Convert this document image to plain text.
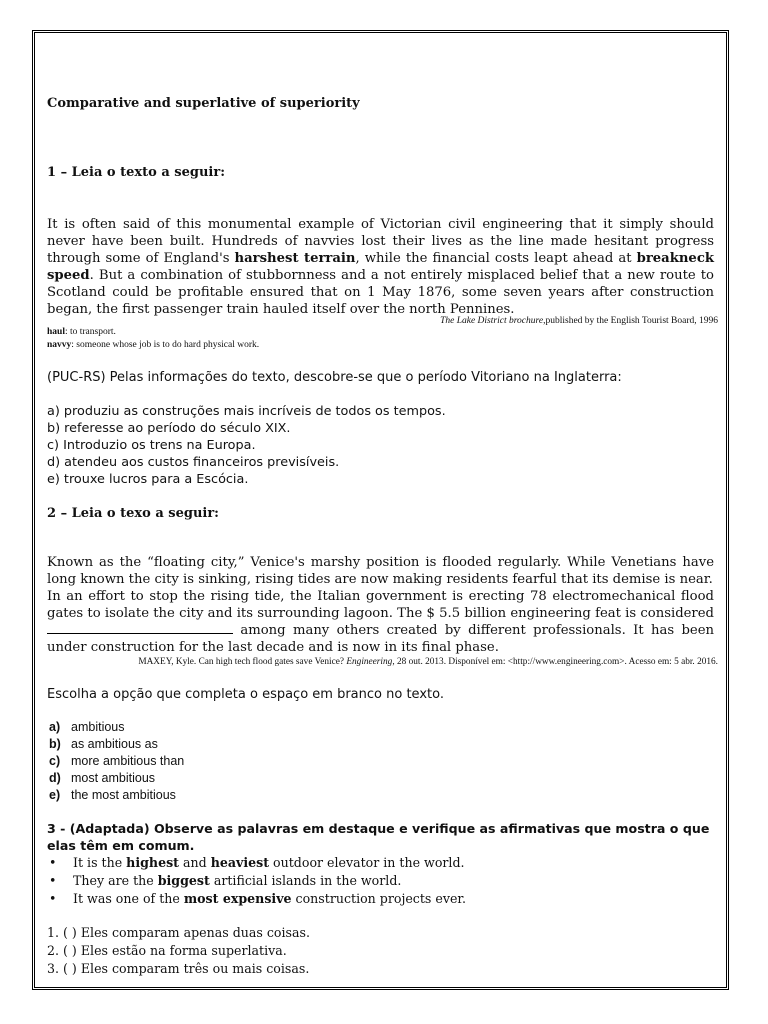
Comparative and superlative of superiority
1 – Leia o texto a seguir:
It is often said of this monumental example of Victorian civil engineering that it simply should never have been built. Hundreds of navvies lost their lives as the line made hesitant progress through some of England's harshest terrain, while the financial costs leapt ahead at breakneck speed. But a combination of stubbornness and a not entirely misplaced belief that a new route to Scotland could be profitable ensured that on 1 May 1876, some seven years after construction began, the first passenger train hauled itself over the north Pennines.
The Lake District brochure,published by the English Tourist Board, 1996
haul: to transport.
navvy: someone whose job is to do hard physical work.
(PUC-RS) Pelas informações do texto, descobre-se que o período Vitoriano na Inglaterra:
a) produziu as construções mais incríveis de todos os tempos.
b) referesse ao período do século XIX.
c) Introduzio os trens na Europa.
d) atendeu aos custos financeiros previsíveis.
e) trouxe lucros para a Escócia.
2 – Leia o texo a seguir:
Known as the “floating city,” Venice's marshy position is flooded regularly. While Venetians have long known the city is sinking, rising tides are now making residents fearful that its demise is near.
In an effort to stop the rising tide, the Italian government is erecting 78 electromechanical flood gates to isolate the city and its surrounding lagoon. The $ 5.5 billion engineering feat is considered  among many others created by different professionals. It has been under construction for the last decade and is now in its final phase.
MAXEY, Kyle. Can high tech flood gates save Venice? Engineering, 28 out. 2013. Disponível em: <http://www.engineering.com>. Acesso em: 5 abr. 2016.
Escolha a opção que completa o espaço em branco no texto.
a) ambitious
b) as ambitious as
c) more ambitious than
d) most ambitious
e) the most ambitious
3 - (Adaptada) Observe as palavras em destaque e verifique as afirmativas que mostra o que elas têm em comum.
• It is the highest and heaviest outdoor elevator in the world.
• They are the biggest artificial islands in the world.
• It was one of the most expensive construction projects ever.
1. ( ) Eles comparam apenas duas coisas.
2. ( ) Eles estão na forma superlativa.
3. ( ) Eles comparam três ou mais coisas.
